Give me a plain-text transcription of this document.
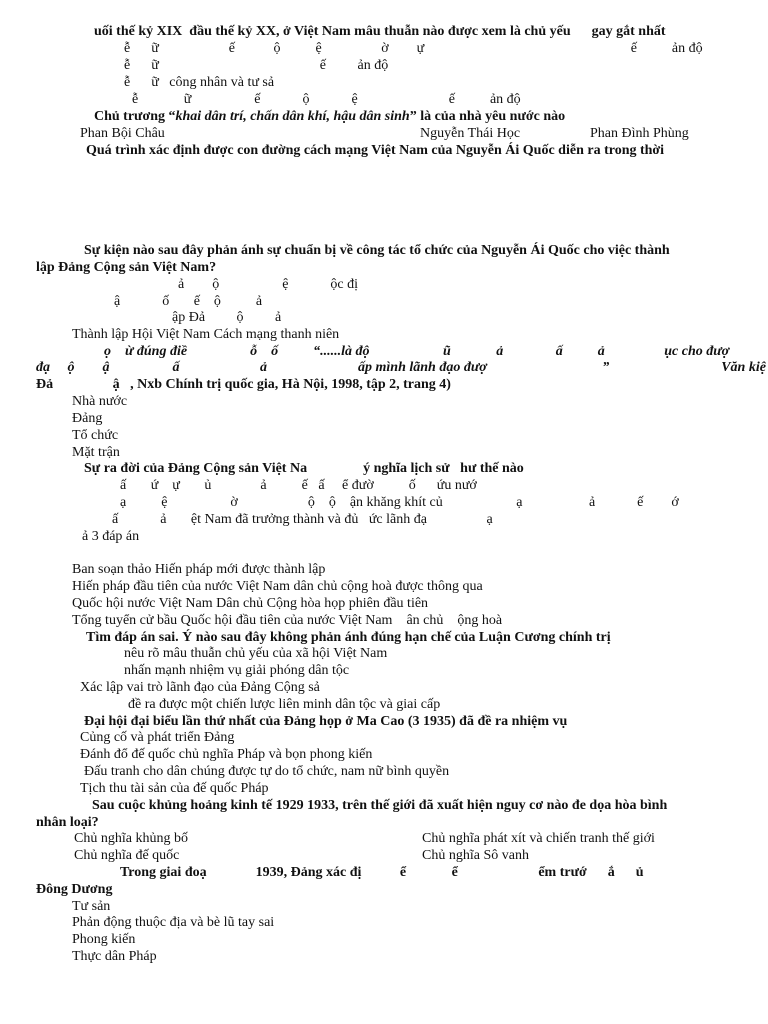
uối thế kỷ XIX  đầu thế kỷ XX, ở Việt Nam mâu thuẫn nào được xem là chủ yếu      gay gắt nhất
ễ      ữ                    ế           ộ          ệ                 ờ        ự                                                           ế          ản độ
ễ      ữ                                              ế         ản độ
ễ      ữ   công nhân và tư sả
ễ             ữ                  ế            ộ            ệ                          ế          ản độ
Chủ trương “khai dân trí, chấn dân khí, hậu dân sinh” là của nhà yêu nước nào
Phan Bội Châu	Nguyễn Thái Học	Phan Đình Phùng
Quá trình xác định được con đường cách mạng Việt Nam của Nguyễn Ái Quốc diễn ra trong thời
Sự kiện nào sau đây phản ánh sự chuẩn bị về công tác tổ chức của Nguyễn Ái Quốc cho việc thành
lập Đảng Cộng sản Việt Nam?
ả        ộ                  ệ            ộc đị
ậ            ố       ế    ộ          ả
ập Đả         ộ         ả
Thành lập Hội Việt Nam Cách mạng thanh niên
ọ    ừ đúng điề                  ỗ    ố          “......là độ                     ũ             ả               ấ          ả                 ục cho đượ
đạ     ộ        ậ                  ấ                       ả                          ấp mình lãnh đạo đượ                                 ”                                Văn kiệ
Đả                 ậ   , Nxb Chính trị quốc gia, Hà Nội, 1998, tập 2, trang 4)
Nhà nước
Đảng
Tổ chức
Mặt trận
Sự ra đời của Đảng Cộng sản Việt Na                ý nghĩa lịch sử   hư thế nào
ấ       ứ    ự       ủ              ả          ế   ấ     ể đườ          ố      ứu nướ
ạ          ệ                  ờ                    ộ    ộ    ận khăng khít củ                     ạ                   ả            ế        ớ
ấ            ả       ệt Nam đã trưởng thành và đủ   ức lãnh đạ                 ạ
ả 3 đáp án
Ban soạn thảo Hiến pháp mới được thành lập
Hiến pháp đầu tiên của nước Việt Nam dân chủ cộng hoà được thông qua
Quốc hội nước Việt Nam Dân chủ Cộng hòa họp phiên đầu tiên
Tổng tuyển cử bầu Quốc hội đầu tiên của nước Việt Nam    ân chủ    ộng hoà
Tìm đáp án sai. Ý nào sau đây không phản ánh đúng hạn chế của Luận Cương chính trị
nêu rõ mâu thuẫn chủ yếu của xã hội Việt Nam
nhấn mạnh nhiệm vụ giải phóng dân tộc
Xác lập vai trò lãnh đạo của Đảng Cộng sả
đề ra được một chiến lược liên minh dân tộc và giai cấp
Đại hội đại biểu lần thứ nhất của Đảng họp ở Ma Cao (3 1935) đã đề ra nhiệm vụ
Củng cố và phát triển Đảng
Đánh đổ đế quốc chủ nghĩa Pháp và bọn phong kiến
Đấu tranh cho dân chúng được tự do tổ chức, nam nữ bình quyền
Tịch thu tài sản của đế quốc Pháp
Sau cuộc khủng hoảng kinh tế 1929 1933, trên thế giới đã xuất hiện nguy cơ nào đe dọa hòa bình
nhân loại?
Chủ nghĩa khủng bố	Chủ nghĩa phát xít và chiến tranh thế giới
Chủ nghĩa đế quốc	Chủ nghĩa Sô vanh
Trong giai đoạ              1939, Đảng xác đị           ể             ể                       ểm trướ      ắ      ủ
Đông Dương
Tư sản
Phản động thuộc địa và bè lũ tay sai
Phong kiến
Thực dân Pháp
